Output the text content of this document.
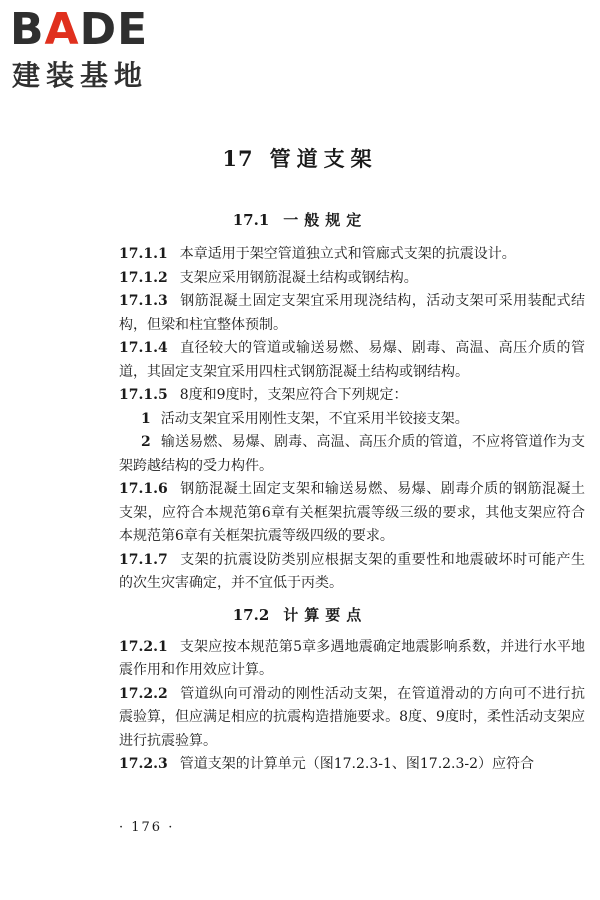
BADE
建装基地
17 管道支架
17.1 一般规定

17.1.1 本章适用于架空管道独立式和管廊式支架的抗震设计。

17.1.2 支架应采用钢筋混凝土结构或钢结构。

17.1.3 钢筋混凝土固定支架宜采用现浇结构，活动支架可采用装配式结构，但梁和柱宜整体预制。

17.1.4 直径较大的管道或输送易燃、易爆、剧毒、高温、高压介质的管道，其固定支架宜采用四柱式钢筋混凝土结构或钢结构。

17.1.5 8度和9度时，支架应符合下列规定：

1 活动支架宜采用刚性支架，不宜采用半铰接支架。

2 输送易燃、易爆、剧毒、高温、高压介质的管道，不应将管道作为支架跨越结构的受力构件。

17.1.6 钢筋混凝土固定支架和输送易燃、易爆、剧毒介质的钢筋混凝土支架，应符合本规范第6章有关框架抗震等级三级的要求，其他支架应符合本规范第6章有关框架抗震等级四级的要求。

17.1.7 支架的抗震设防类别应根据支架的重要性和地震破坏时可能产生的次生灾害确定，并不宜低于丙类。

17.2.1 支架应按本规范第5章多遇地震确定地震影响系数，并进行水平地震作用和作用效应计算。

17.2.2 管道纵向可滑动的刚性活动支架，在管道滑动的方向可不进行抗震验算，但应满足相应的抗震构造措施要求。8度、9度时，柔性活动支架应进行抗震验算。

17.2.3 管道支架的计算单元（图17.2.3-1、图17.2.3-2）应符合

17.2 计算要点
· 176 ·
